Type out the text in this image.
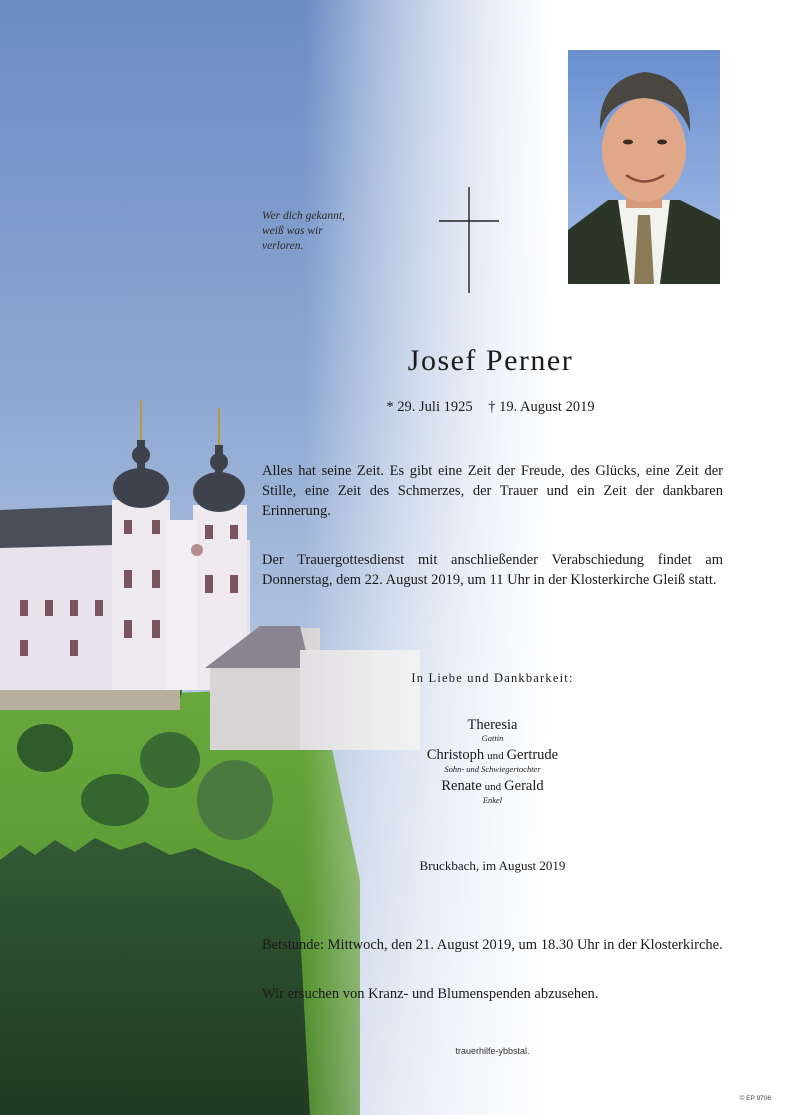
Wer dich gekannt,
weiß was wir
verloren.
Josef Perner
* 29. Juli 1925 † 19. August 2019
Alles hat seine Zeit. Es gibt eine Zeit der Freude, des Glücks, eine Zeit der Stille, eine Zeit des Schmerzes, der Trauer und ein Zeit der dankbaren Erinnerung.
Der Trauergottesdienst mit anschließender Verabschiedung findet am Donnerstag, dem 22. August 2019, um 11 Uhr in der Klosterkirche Gleiß statt.
In Liebe und Dankbarkeit:
Theresia
Gattin
Christoph und Gertrude
Sohn- und Schwiegertochter
Renate und Gerald
Enkel
Bruckbach, im August 2019
Betstunde: Mittwoch, den 21. August 2019, um 18.30 Uhr in der Klosterkirche.
Wir ersuchen von Kranz- und Blumenspenden abzusehen.
trauerhilfe-ybbstal.
© EP 9706
